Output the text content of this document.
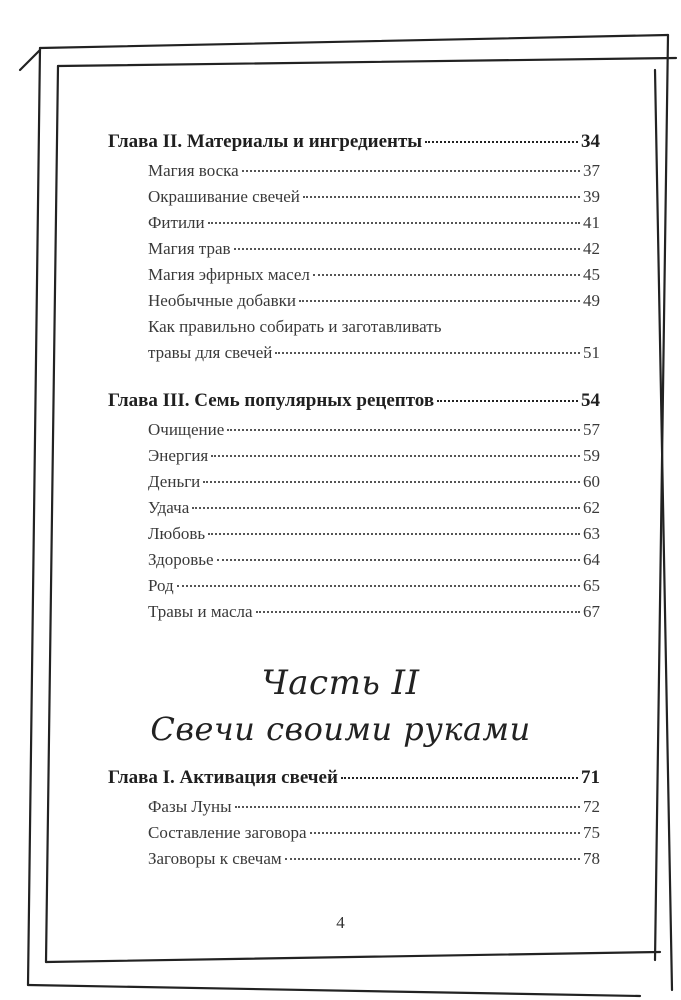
Глава II. Материалы и ингредиенты	34
Магия воска	37
Окрашивание свечей	39
Фитили	41
Магия трав	42
Магия эфирных масел	45
Необычные добавки	49
Как правильно собирать и заготавливать
травы для свечей	51
Глава III. Семь популярных рецептов	54
Очищение	57
Энергия	59
Деньги	60
Удача	62
Любовь	63
Здоровье	64
Род	65
Травы и масла	67
Часть II
Свечи своими руками
Глава I. Активация свечей	71
Фазы Луны	72
Составление заговора	75
Заговоры к свечам	78
4
